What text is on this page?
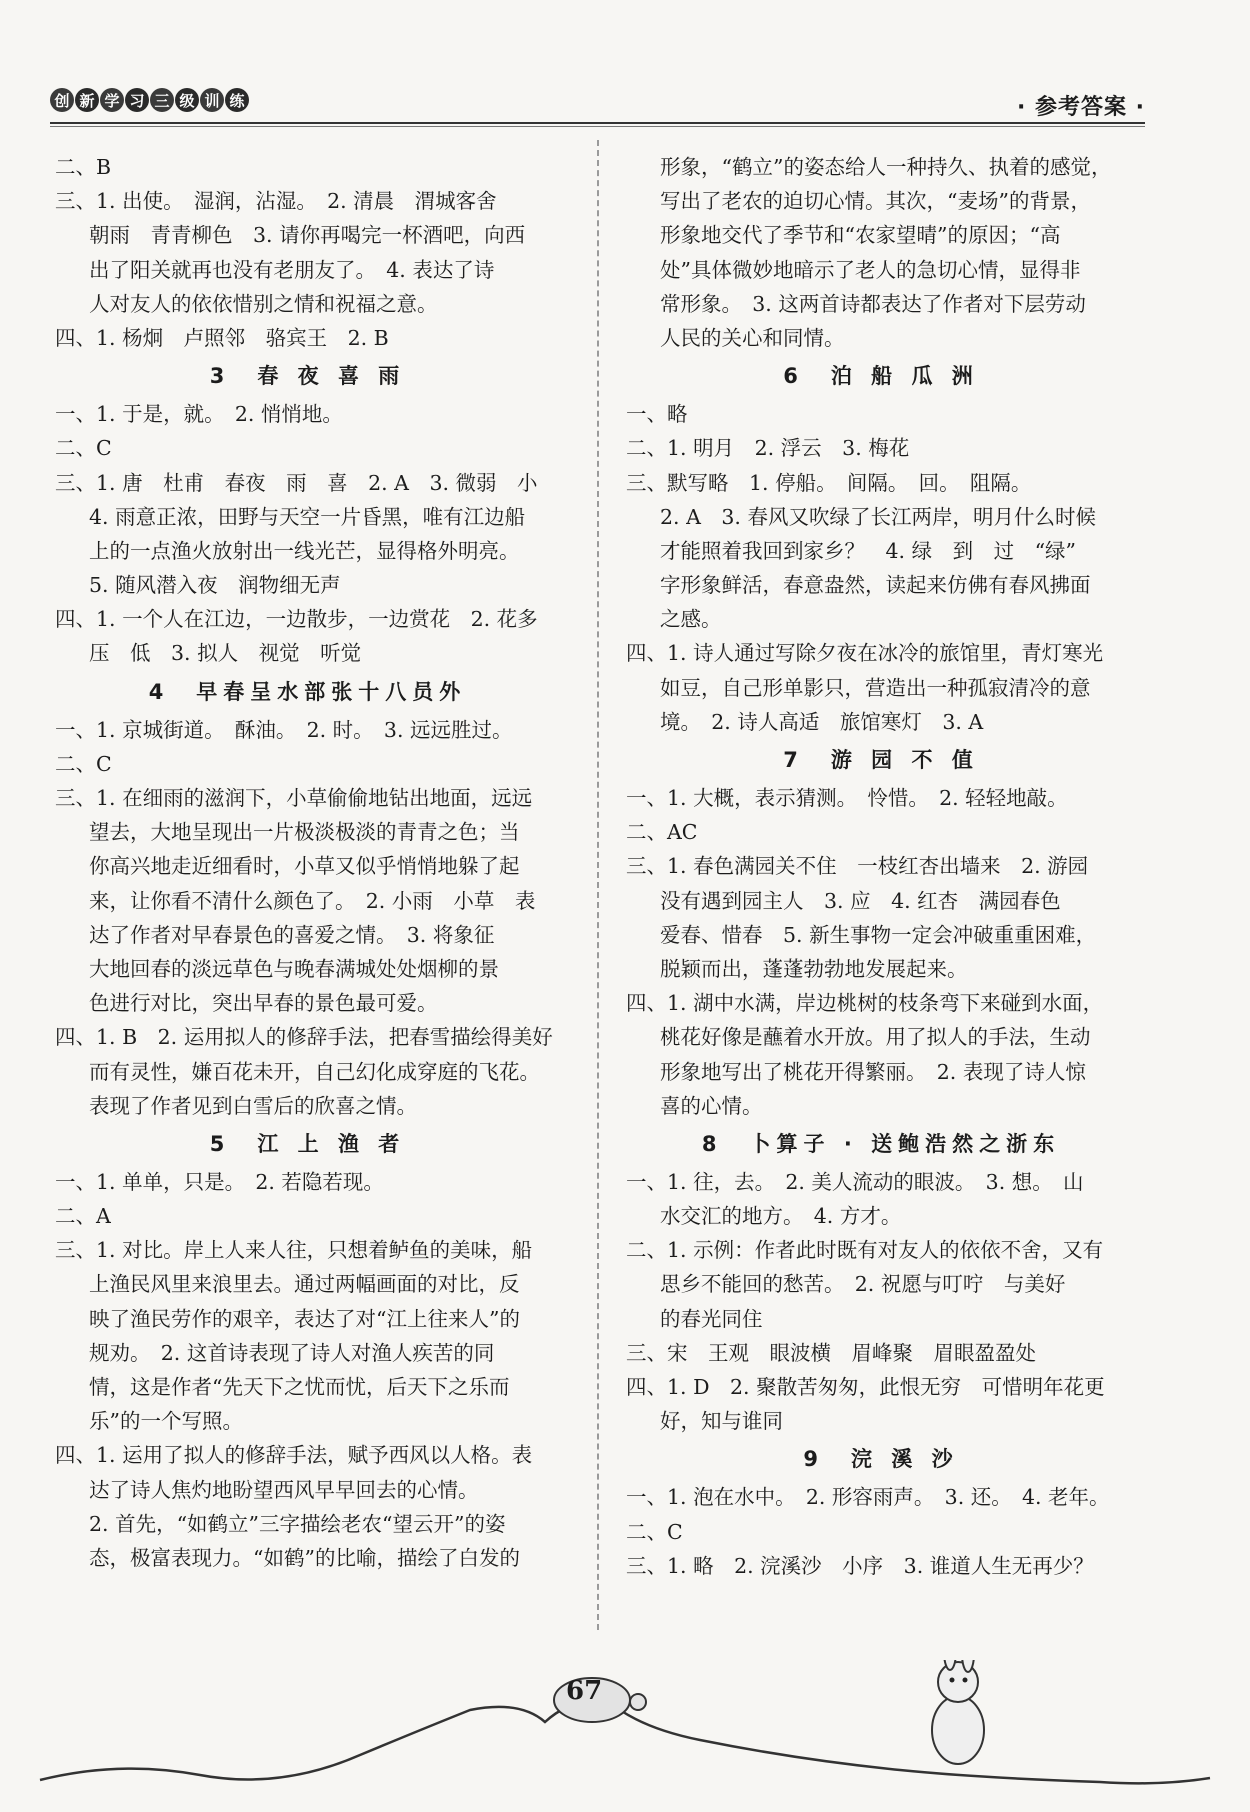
创 新 学 习 三 级 训 练	· 参考答案 ·
二、B
三、1. 出使。　湿润，沾湿。　2. 清晨　渭城客舍
朝雨　青青柳色　3. 请你再喝完一杯酒吧，向西
出了阳关就再也没有老朋友了。　4. 表达了诗
人对友人的依依惜别之情和祝福之意。
四、1. 杨炯　卢照邻　骆宾王　2. B
3　春 夜 喜 雨
一、1. 于是，就。　2. 悄悄地。
二、C
三、1. 唐　杜甫　春夜　雨　喜　2. A　3. 微弱　小
4. 雨意正浓，田野与天空一片昏黑，唯有江边船
上的一点渔火放射出一线光芒，显得格外明亮。
5. 随风潜入夜　润物细无声
四、1. 一个人在江边，一边散步，一边赏花　2. 花多
压　低　3. 拟人　视觉　听觉
4　早春呈水部张十八员外
一、1. 京城街道。　酥油。　2. 时。　3. 远远胜过。
二、C
三、1. 在细雨的滋润下，小草偷偷地钻出地面，远远
望去，大地呈现出一片极淡极淡的青青之色；当
你高兴地走近细看时，小草又似乎悄悄地躲了起
来，让你看不清什么颜色了。　2. 小雨　小草　表
达了作者对早春景色的喜爱之情。　3. 将象征
大地回春的淡远草色与晚春满城处处烟柳的景
色进行对比，突出早春的景色最可爱。
四、1. B　2. 运用拟人的修辞手法，把春雪描绘得美好
而有灵性，嫌百花未开，自己幻化成穿庭的飞花。
表现了作者见到白雪后的欣喜之情。
5　江 上 渔 者
一、1. 单单，只是。　2. 若隐若现。
二、A
三、1. 对比。岸上人来人往，只想着鲈鱼的美味，船
上渔民风里来浪里去。通过两幅画面的对比，反
映了渔民劳作的艰辛，表达了对“江上往来人”的
规劝。　2. 这首诗表现了诗人对渔人疾苦的同
情，这是作者“先天下之忧而忧，后天下之乐而
乐”的一个写照。
四、1. 运用了拟人的修辞手法，赋予西风以人格。表
达了诗人焦灼地盼望西风早早回去的心情。
2. 首先，“如鹤立”三字描绘老农“望云开”的姿
态，极富表现力。“如鹤”的比喻，描绘了白发的
形象，“鹤立”的姿态给人一种持久、执着的感觉，
写出了老农的迫切心情。其次，“麦场”的背景，
形象地交代了季节和“农家望晴”的原因；“高
处”具体微妙地暗示了老人的急切心情，显得非
常形象。　3. 这两首诗都表达了作者对下层劳动
人民的关心和同情。
6　泊 船 瓜 洲
一、略
二、1. 明月　2. 浮云　3. 梅花
三、默写略　1. 停船。　间隔。　回。　阻隔。
2. A　3. 春风又吹绿了长江两岸，明月什么时候
才能照着我回到家乡？　4. 绿　到　过　“绿”
字形象鲜活，春意盎然，读起来仿佛有春风拂面
之感。
四、1. 诗人通过写除夕夜在冰冷的旅馆里，青灯寒光
如豆，自己形单影只，营造出一种孤寂清冷的意
境。　2. 诗人高适　旅馆寒灯　3. A
7　游 园 不 值
一、1. 大概，表示猜测。　怜惜。　2. 轻轻地敲。
二、AC
三、1. 春色满园关不住　一枝红杏出墙来　2. 游园
没有遇到园主人　3. 应　4. 红杏　满园春色
爱春、惜春　5. 新生事物一定会冲破重重困难，
脱颖而出，蓬蓬勃勃地发展起来。
四、1. 湖中水满，岸边桃树的枝条弯下来碰到水面，
桃花好像是蘸着水开放。用了拟人的手法，生动
形象地写出了桃花开得繁丽。　2. 表现了诗人惊
喜的心情。
8　卜算子 · 送鲍浩然之浙东
一、1. 往，去。　2. 美人流动的眼波。　3. 想。　山
水交汇的地方。　4. 方才。
二、1. 示例：作者此时既有对友人的依依不舍，又有
思乡不能回的愁苦。　2. 祝愿与叮咛　与美好
的春光同住
三、宋　王观　眼波横　眉峰聚　眉眼盈盈处
四、1. D　2. 聚散苦匆匆，此恨无穷　可惜明年花更
好，知与谁同
9　浣 溪 沙
一、1. 泡在水中。　2. 形容雨声。　3. 还。　4. 老年。
二、C
三、1. 略　2. 浣溪沙　小序　3. 谁道人生无再少？
67
